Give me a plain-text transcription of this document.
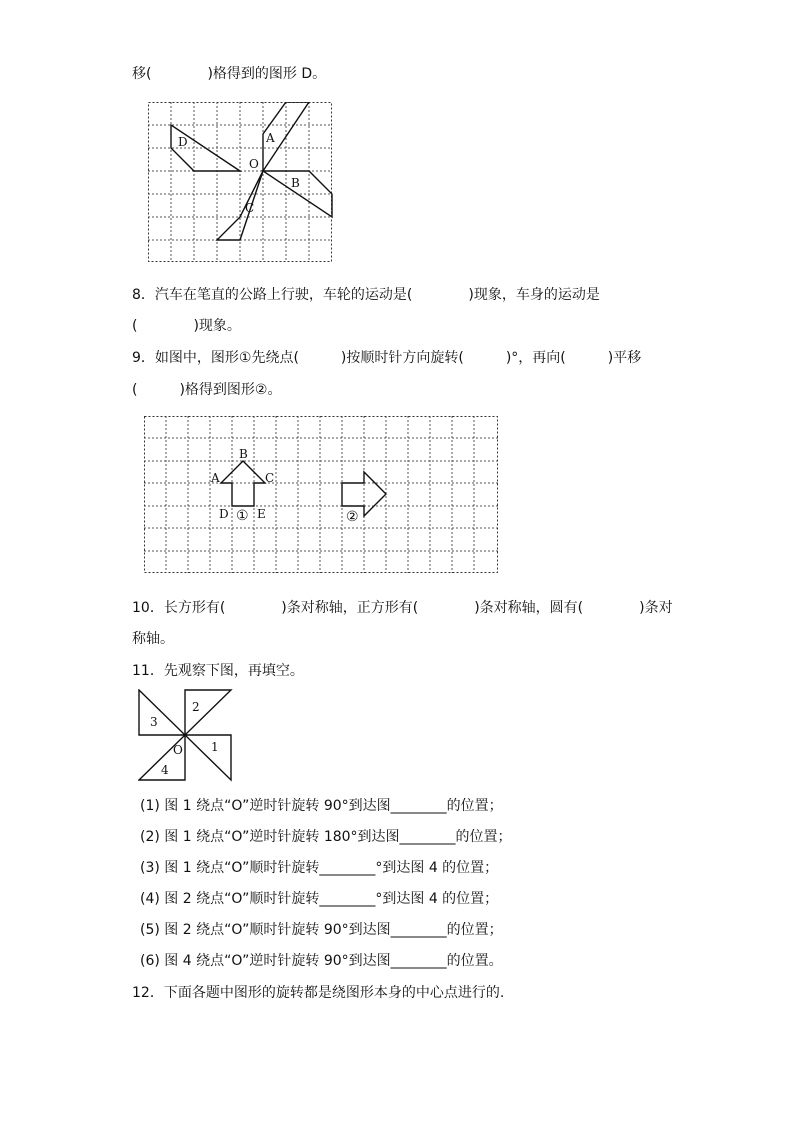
移(　　　　)格得到的图形 D。
A
B
C
D
O
8．汽车在笔直的公路上行驶，车轮的运动是(　　　　)现象，车身的运动是
(　　　　)现象。
9．如图中，图形①先绕点(　　　)按顺时针方向旋转(　　　)°，再向(　　　)平移
(　　　)格得到图形②。
B
A	C
D E
①	②
10．长方形有(　　　　)条对称轴，正方形有(　　　　)条对称轴，圆有(　　　　)条对
称轴。
11．先观察下图，再填空。
2
3
1
4
O
(1) 图 1 绕点“O”逆时针旋转 90°到达图________的位置；
(2) 图 1 绕点“O”逆时针旋转 180°到达图________的位置；
(3) 图 1 绕点“O”顺时针旋转________°到达图 4 的位置；
(4) 图 2 绕点“O”顺时针旋转________°到达图 4 的位置；
(5) 图 2 绕点“O”顺时针旋转 90°到达图________的位置；
(6) 图 4 绕点“O”逆时针旋转 90°到达图________的位置。
12．下面各题中图形的旋转都是绕图形本身的中心点进行的.
